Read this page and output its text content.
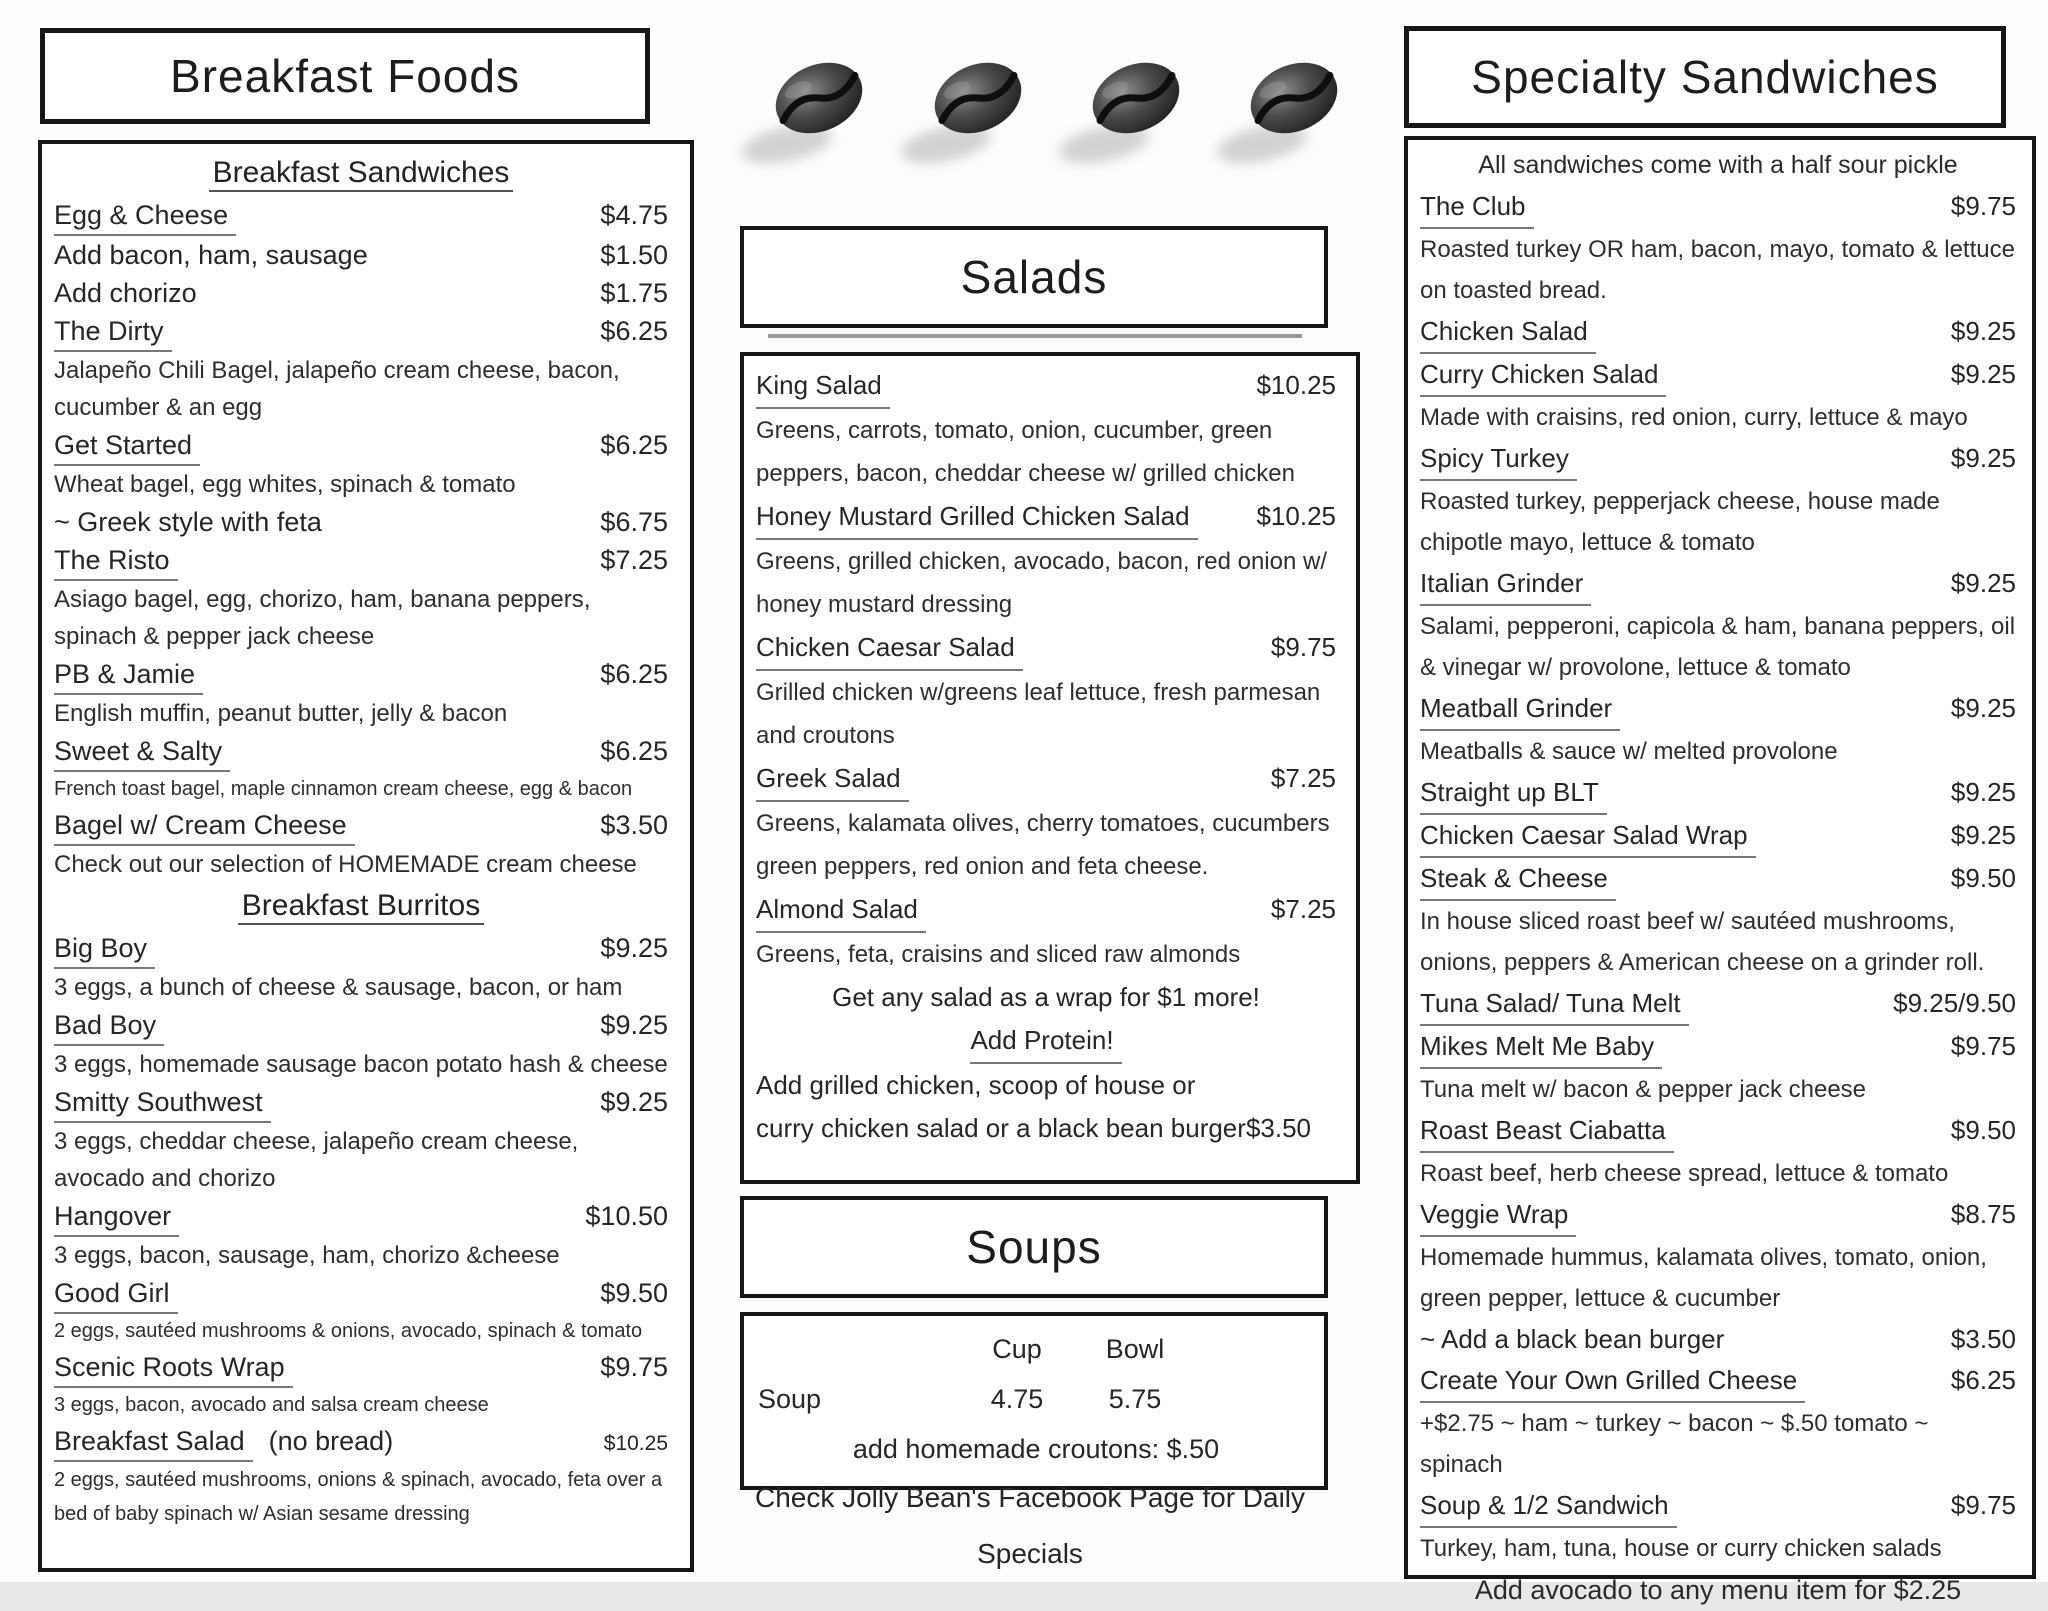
Breakfast Foods
Breakfast Sandwiches
Egg & Cheese	$4.75
Add bacon, ham, sausage	$1.50
Add chorizo	$1.75
The Dirty	$6.25
Jalapeño Chili Bagel, jalapeño cream cheese, bacon, cucumber & an egg
Get Started	$6.25
Wheat bagel, egg whites, spinach & tomato
~ Greek style with feta	$6.75
The Risto	$7.25
Asiago bagel, egg, chorizo, ham, banana peppers, spinach & pepper jack cheese
PB & Jamie	$6.25
English muffin, peanut butter, jelly & bacon
Sweet & Salty	$6.25
French toast bagel, maple cinnamon cream cheese, egg & bacon
Bagel w/ Cream Cheese	$3.50
Check out our selection of HOMEMADE cream cheese
Breakfast Burritos
Big Boy	$9.25
3 eggs, a bunch of cheese & sausage, bacon, or ham
Bad Boy	$9.25
3 eggs, homemade sausage bacon potato hash & cheese
Smitty Southwest	$9.25
3 eggs, cheddar cheese, jalapeño cream cheese, avocado and chorizo
Hangover	$10.50
3 eggs, bacon, sausage, ham, chorizo &cheese
Good Girl	$9.50
2 eggs, sautéed mushrooms & onions, avocado, spinach & tomato
Scenic Roots Wrap	$9.75
3 eggs, bacon, avocado and salsa cream cheese
Breakfast Salad (no bread)	$10.25
2 eggs, sautéed mushrooms, onions & spinach, avocado, feta over a bed of baby spinach w/ Asian sesame dressing
Salads
King Salad	$10.25
Greens, carrots, tomato, onion, cucumber, green peppers, bacon, cheddar cheese w/ grilled chicken
Honey Mustard Grilled Chicken Salad	$10.25
Greens, grilled chicken, avocado, bacon, red onion w/ honey mustard dressing
Chicken Caesar Salad	$9.75
Grilled chicken w/greens leaf lettuce, fresh parmesan and croutons
Greek Salad	$7.25
Greens, kalamata olives, cherry tomatoes, cucumbers green peppers, red onion and feta cheese.
Almond Salad	$7.25
Greens, feta, craisins and sliced raw almonds
Get any salad as a wrap for $1 more!
Add Protein!
Add grilled chicken, scoop of house or
curry chicken salad or a black bean burger $3.50
Soups
Cup	Bowl
Soup	4.75	5.75
add homemade croutons: $.50
Check Jolly Bean's Facebook Page for Daily
Specials
Specialty Sandwiches
All sandwiches come with a half sour pickle
The Club	$9.75
Roasted turkey OR ham, bacon, mayo, tomato & lettuce on toasted bread.
Chicken Salad	$9.25
Curry Chicken Salad	$9.25
Made with craisins, red onion, curry, lettuce & mayo
Spicy Turkey	$9.25
Roasted turkey, pepperjack cheese, house made chipotle mayo, lettuce & tomato
Italian Grinder	$9.25
Salami, pepperoni, capicola & ham, banana peppers, oil & vinegar w/ provolone, lettuce & tomato
Meatball Grinder	$9.25
Meatballs & sauce w/ melted provolone
Straight up BLT	$9.25
Chicken Caesar Salad Wrap	$9.25
Steak & Cheese	$9.50
In house sliced roast beef w/ sautéed mushrooms, onions, peppers & American cheese on a grinder roll.
Tuna Salad/ Tuna Melt	$9.25/9.50
Mikes Melt Me Baby	$9.75
Tuna melt w/ bacon & pepper jack cheese
Roast Beast Ciabatta	$9.50
Roast beef, herb cheese spread, lettuce & tomato
Veggie Wrap	$8.75
Homemade hummus, kalamata olives, tomato, onion, green pepper, lettuce & cucumber
~ Add a black bean burger	$3.50
Create Your Own Grilled Cheese	$6.25
+$2.75 ~ ham ~ turkey ~ bacon ~ $.50 tomato ~ spinach
Soup & 1/2 Sandwich	$9.75
Turkey, ham, tuna, house or curry chicken salads
Add avocado to any menu item for $2.25
